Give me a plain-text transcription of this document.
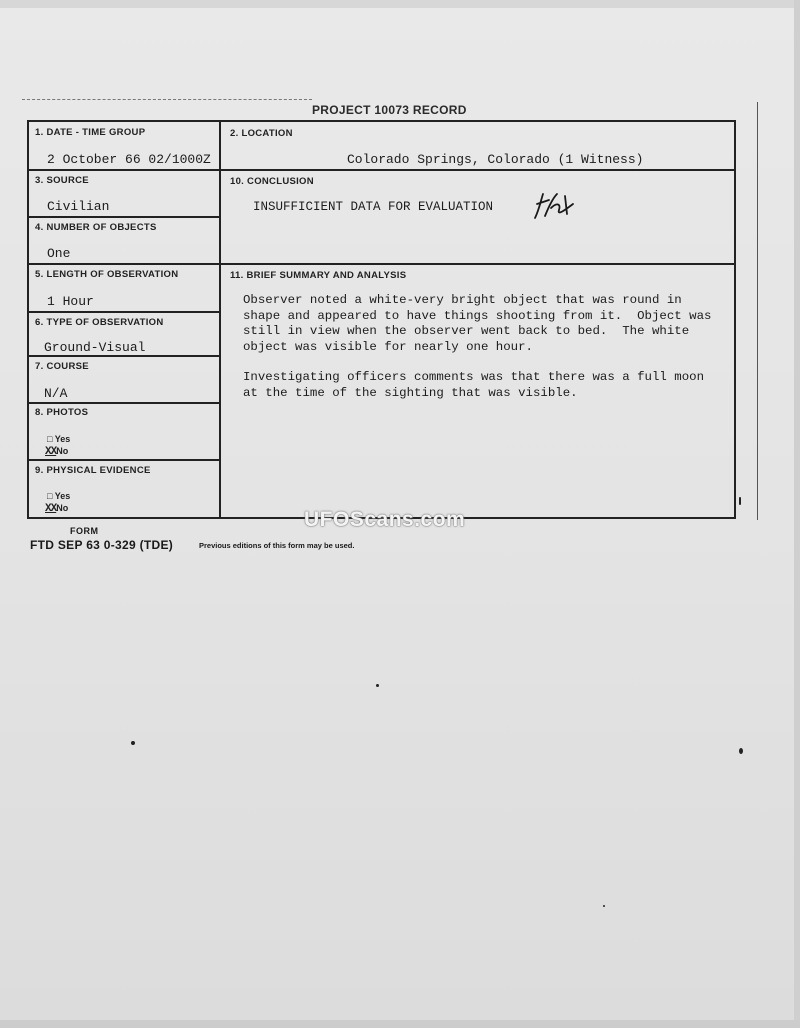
PROJECT 10073 RECORD
1. DATE - TIME GROUP
2 October 66 02/1000Z
2. LOCATION
Colorado Springs, Colorado (1 Witness)
3. SOURCE
Civilian
10. CONCLUSION
INSUFFICIENT DATA FOR EVALUATION
4. NUMBER OF OBJECTS
One
5. LENGTH OF OBSERVATION
1 Hour
11. BRIEF SUMMARY AND ANALYSIS
Observer noted a white-very bright object that was round in
shape and appeared to have things shooting from it.  Object was
still in view when the observer went back to bed.  The white
object was visible for nearly one hour.
Investigating officers comments was that there was a full moon
at the time of the sighting that was visible.
6. TYPE OF OBSERVATION
Ground-Visual
7. COURSE
N/A
8. PHOTOS
□ Yes
XXNo
9. PHYSICAL EVIDENCE
□ Yes
XXNo
FORM
FTD SEP 63 0-329 (TDE)	Previous editions of this form may be used.
UFOScans.com
